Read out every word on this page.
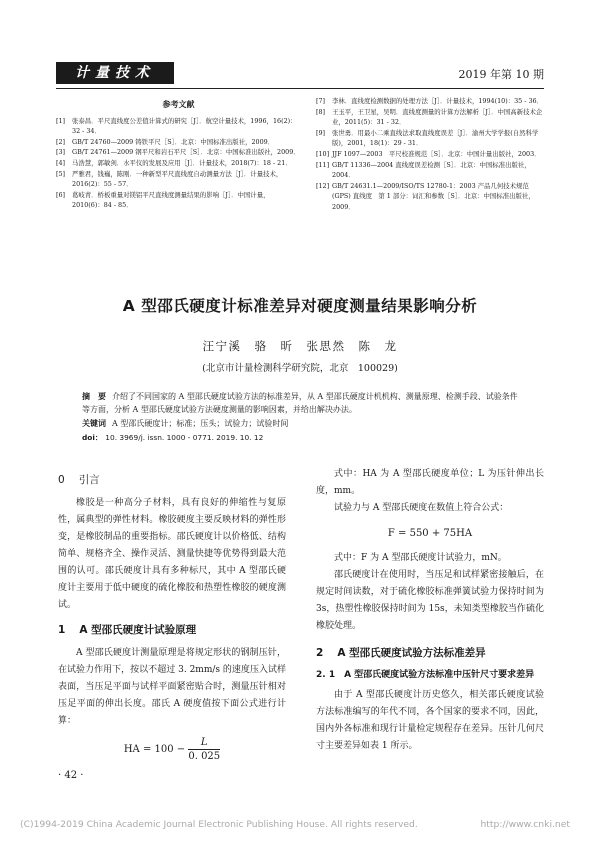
计量技术	2019 年第 10 期
参考文献
[1] 张泰昌．平尺直线度公差值计算式的研究［J］．航空计量技术，1996，16(2)：32 - 34．
[2] GB/T 24760—2009 铸铁平尺［S］．北京：中国标准出版社，2009．
[3] GB/T 24761—2009 钢平尺和岩石平尺［S］．北京：中国标准出版社，2009．
[4] 马浩慧，郭敏剑．水平仪的发展及应用［J］．计量技术，2018(7)：18 - 21．
[5] 严雅君，钱巍，陈刚．一种新型平尺直线度自动测量方法［J］．计量技术，2016(2)：55 - 57．
[6] 葛岐青．桥板重量对镁铝平尺直线度测量结果的影响［J］．中国计量，2010(6)：84 - 85．
[7] 李林．直线度检测数据的处理方法［J］．计量技术，1994(10)：35 - 36．
[8] 王玉平，王卫星，吴明．直线度测量的计算方法解析［J］．中国高新技术企业，2011(5)：31 - 32．
[9] 张世勇．用最小二乘直线法求取直线度误差［J］．渝州大学学报(自然科学版)，2001，18(1)：29 - 31．
[10] JJF 1097—2003　平尺校准规范［S］．北京：中国计量出版社，2003．
[11] GB/T 11336—2004 直线度误差检测［S］．北京：中国标准出版社，2004．
[12] GB/T 24631.1—2009/ISO/TS 12780-1：2003 产品几何技术规范(GPS) 直线度　第 1 部分：词汇和参数［S］．北京：中国标准出版社，2009．
A 型邵氏硬度计标准差异对硬度测量结果影响分析
汪宁溪　骆　昕　张思然　陈　龙
(北京市计量检测科学研究院，北京　100029)
摘　要 介绍了不同国家的 A 型邵氏硬度试验方法的标准差异，从 A 型邵氏硬度计机机构、测量原理、检测手段、试验条件等方面，分析 A 型邵氏硬度试验方法硬度测量的影响因素，并给出解决办法。
关键词 A 型邵氏硬度计；标准；压头；试验力；试验时间
doi： 10. 3969/j. issn. 1000 - 0771. 2019. 10. 12
0 引言

橡胶是一种高分子材料，具有良好的伸缩性与复原性，属典型的弹性材料。橡胶硬度主要反映材料的弹性形变，是橡胶制品的重要指标。邵氏硬度计以价格低、结构简单、规格齐全、操作灵活、测量快捷等优势得到最大范围的认可。邵氏硬度计具有多种标尺，其中 A 型邵氏硬度计主要用于低中硬度的硫化橡胶和热塑性橡胶的硬度测试。

1 A 型邵氏硬度计试验原理

A 型邵氏硬度计测量原理是将规定形状的钢制压针，在试验力作用下，按以不超过 3. 2mm/s 的速度压入试样表面，当压足平面与试样平面紧密贴合时，测量压针相对压足平面的伸出长度。邵氏 A 硬度值按下面公式进行计算：

HA = $100 - \frac{L}{0. 025}$

式中：HA 为 A 型邵氏硬度单位；L 为压针伸出长度，mm。

试验力与 A 型邵氏硬度在数值上符合公式：

F = 550 + 75HA

式中：F 为 A 型邵氏硬度计试验力，mN。

邵氏硬度计在使用时，当压足和试样紧密接触后，在规定时间读数，对于硫化橡胶标准弹簧试验力保持时间为 3s，热塑性橡胶保持时间为 15s，未知类型橡胶当作硫化橡胶处理。

2 A 型邵氏硬度试验方法标准差异
2. 1　A 型邵氏硬度试验方法标准中压针尺寸要求差异

由于 A 型邵氏硬度计历史悠久，相关邵氏硬度试验方法标准编写的年代不同，各个国家的要求不同，因此，国内外各标准和现行计量检定规程存在差异。压针几何尺寸主要差异如表 1 所示。

· 42 ·
(C)1994-2019 China Academic Journal Electronic Publishing House. All rights reserved.	http://www.cnki.net
